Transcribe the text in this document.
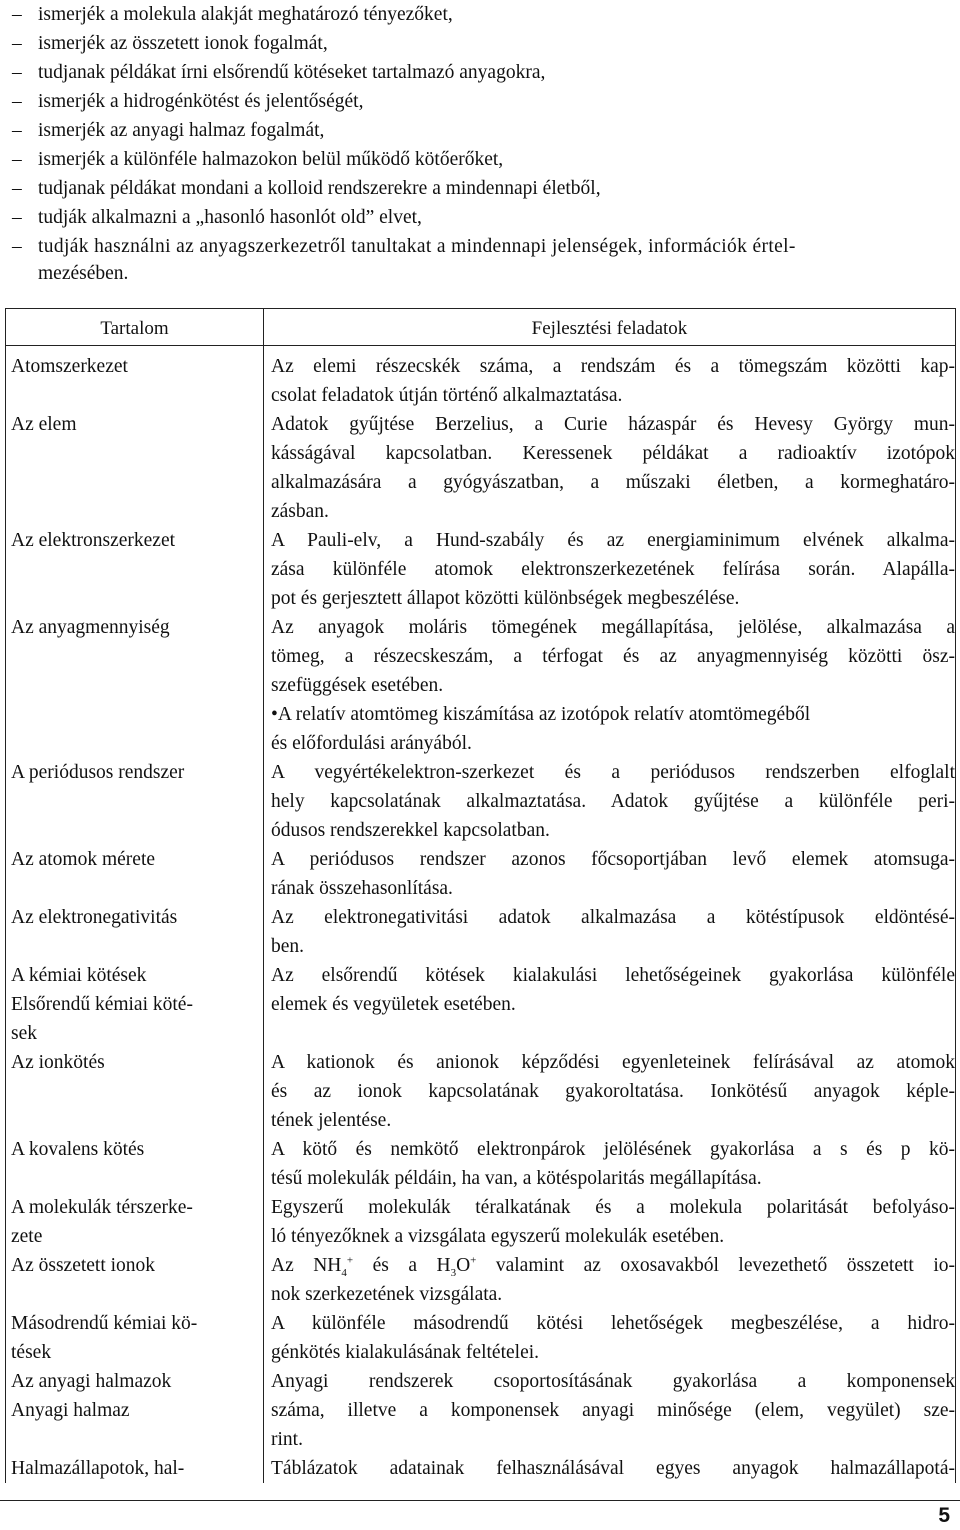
– ismerjék a molekula alakját meghatározó tényezőket,
– ismerjék az összetett ionok fogalmát,
– tudjanak példákat írni elsőrendű kötéseket tartalmazó anyagokra,
– ismerjék a hidrogénkötést és jelentőségét,
– ismerjék az anyagi halmaz fogalmát,
– ismerjék a különféle halmazokon belül működő kötőerőket,
– tudjanak példákat mondani a kolloid rendszerekre a mindennapi életből,
– tudják alkalmazni a „hasonló hasonlót old” elvet,
– tudják használni az anyagszerkezetről tanultakat a mindennapi jelenségek, információk értel-
mezésében.
Tartalom	Fejlesztési feladatok

Atomszerkezet	Az elemi részecskék száma, a rendszám és a tömegszám közötti kap-
csolat feladatok útján történő alkalmaztatása.

Az elem	Adatok gyűjtése Berzelius, a Curie házaspár és Hevesy György mun-
kásságával kapcsolatban. Keressenek példákat a radioaktív izotópok
alkalmazására a gyógyászatban, a műszaki életben, a kormeghatáro-
zásban.

Az elektronszerkezet	A Pauli-elv, a Hund-szabály és az energiaminimum elvének alkalma-
zása különféle atomok elektronszerkezetének felírása során. Alapálla-
pot és gerjesztett állapot közötti különbségek megbeszélése.

Az anyagmennyiség	Az anyagok moláris tömegének megállapítása, jelölése, alkalmazása a
tömeg, a részecskeszám, a térfogat és az anyagmennyiség közötti ösz-
szefüggések esetében.
•A relatív atomtömeg kiszámítása az izotópok relatív atomtömegéből
és előfordulási arányából.

A periódusos rendszer	A vegyértékelektron-szerkezet és a periódusos rendszerben elfoglalt
hely kapcsolatának alkalmaztatása. Adatok gyűjtése a különféle peri-
ódusos rendszerekkel kapcsolatban.

Az atomok mérete	A periódusos rendszer azonos főcsoportjában levő elemek atomsuga-
rának összehasonlítása.

Az elektronegativitás	Az elektronegativitási adatok alkalmazása a kötéstípusok eldöntésé-
ben.

A kémiai kötések
Elsőrendű kémiai köté-
sek	Az elsőrendű kötések kialakulási lehetőségeinek gyakorlása különféle
elemek és vegyületek esetében.

Az ionkötés	A kationok és anionok képződési egyenleteinek felírásával az atomok
és az ionok kapcsolatának gyakoroltatása. Ionkötésű anyagok képle-
tének jelentése.

A kovalens kötés	A kötő és nemkötő elektronpárok jelölésének gyakorlása a s és p kö-
tésű molekulák példáin, ha van, a kötéspolaritás megállapítása.

A molekulák térszerke-
zete	Egyszerű molekulák téralkatának és a molekula polaritását befolyáso-
ló tényezőknek a vizsgálata egyszerű molekulák esetében.

Az összetett ionok	Az $NH_4^+$ és a $H_3O^+$ valamint az oxosavakból levezethető összetett io-
nok szerkezetének vizsgálata.

Másodrendű kémiai kö-
tések	A különféle másodrendű kötési lehetőségek megbeszélése, a hidro-
génkötés kialakulásának feltételei.

Az anyagi halmazok
Anyagi halmaz	Anyagi rendszerek csoportosításának gyakorlása a komponensek
száma, illetve a komponensek anyagi minősége (elem, vegyület) sze-
rint.

Halmazállapotok, hal-	Táblázatok adatainak felhasználásával egyes anyagok halmazállapotá-
5
